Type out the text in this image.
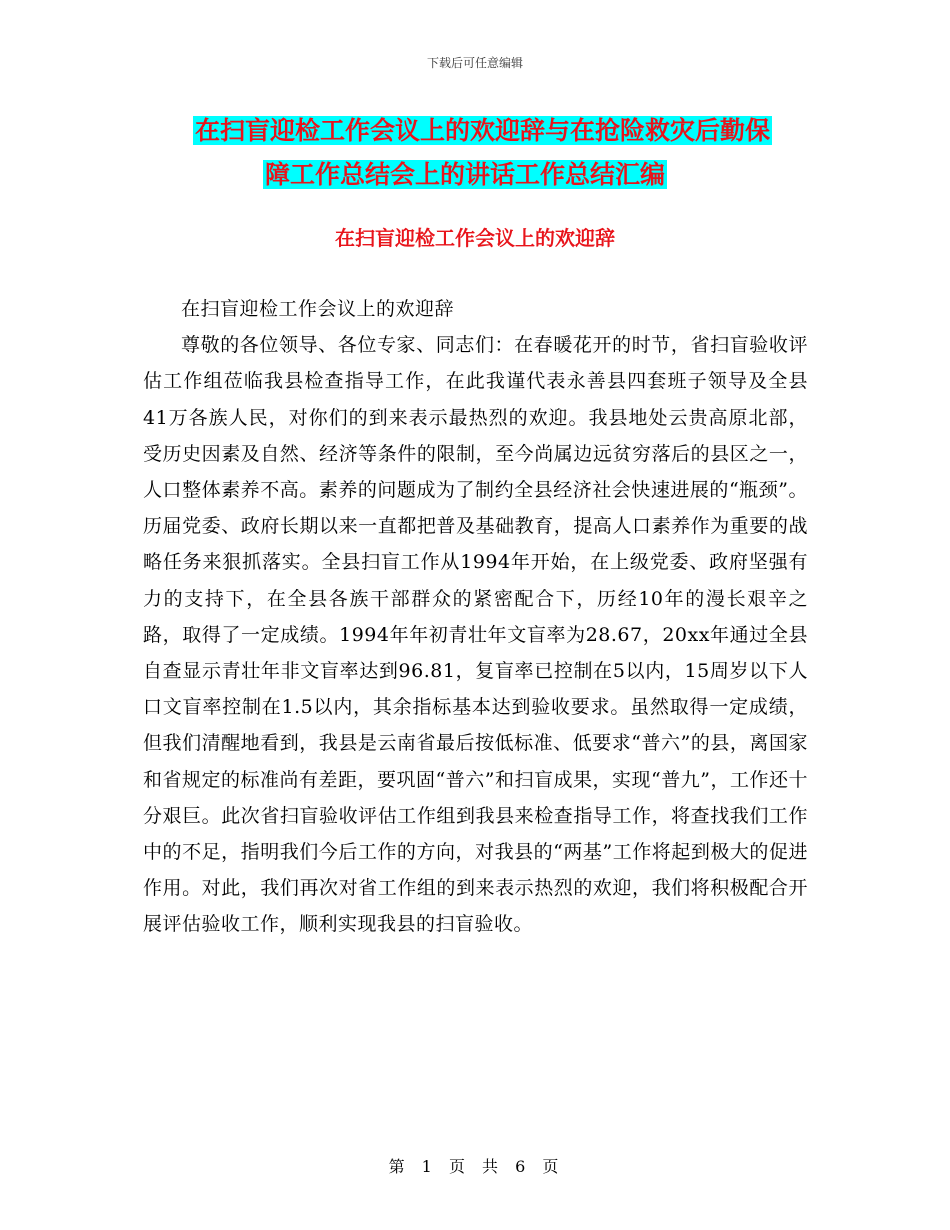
下载后可任意编辑
在扫盲迎检工作会议上的欢迎辞与在抢险救灾后勤保
障工作总结会上的讲话工作总结汇编
在扫盲迎检工作会议上的欢迎辞

在扫盲迎检工作会议上的欢迎辞

尊敬的各位领导、各位专家、同志们：在春暖花开的时节，省扫盲验收评估工作组莅临我县检查指导工作，在此我谨代表永善县四套班子领导及全县41万各族人民，对你们的到来表示最热烈的欢迎。我县地处云贵高原北部，受历史因素及自然、经济等条件的限制，至今尚属边远贫穷落后的县区之一，人口整体素养不高。素养的问题成为了制约全县经济社会快速进展的“瓶颈”。历届党委、政府长期以来一直都把普及基础教育，提高人口素养作为重要的战略任务来狠抓落实。全县扫盲工作从1994年开始，在上级党委、政府坚强有力的支持下，在全县各族干部群众的紧密配合下，历经10年的漫长艰辛之路，取得了一定成绩。1994年年初青壮年文盲率为28.67，20xx年通过全县自查显示青壮年非文盲率达到96.81，复盲率已控制在5以内，15周岁以下人口文盲率控制在1.5以内，其余指标基本达到验收要求。虽然取得一定成绩，但我们清醒地看到，我县是云南省最后按低标准、低要求“普六”的县，离国家和省规定的标准尚有差距，要巩固“普六”和扫盲成果，实现“普九”，工作还十分艰巨。此次省扫盲验收评估工作组到我县来检查指导工作，将查找我们工作中的不足，指明我们今后工作的方向，对我县的“两基”工作将起到极大的促进作用。对此，我们再次对省工作组的到来表示热烈的欢迎，我们将积极配合开展评估验收工作，顺利实现我县的扫盲验收。

第 1 页 共 6 页
